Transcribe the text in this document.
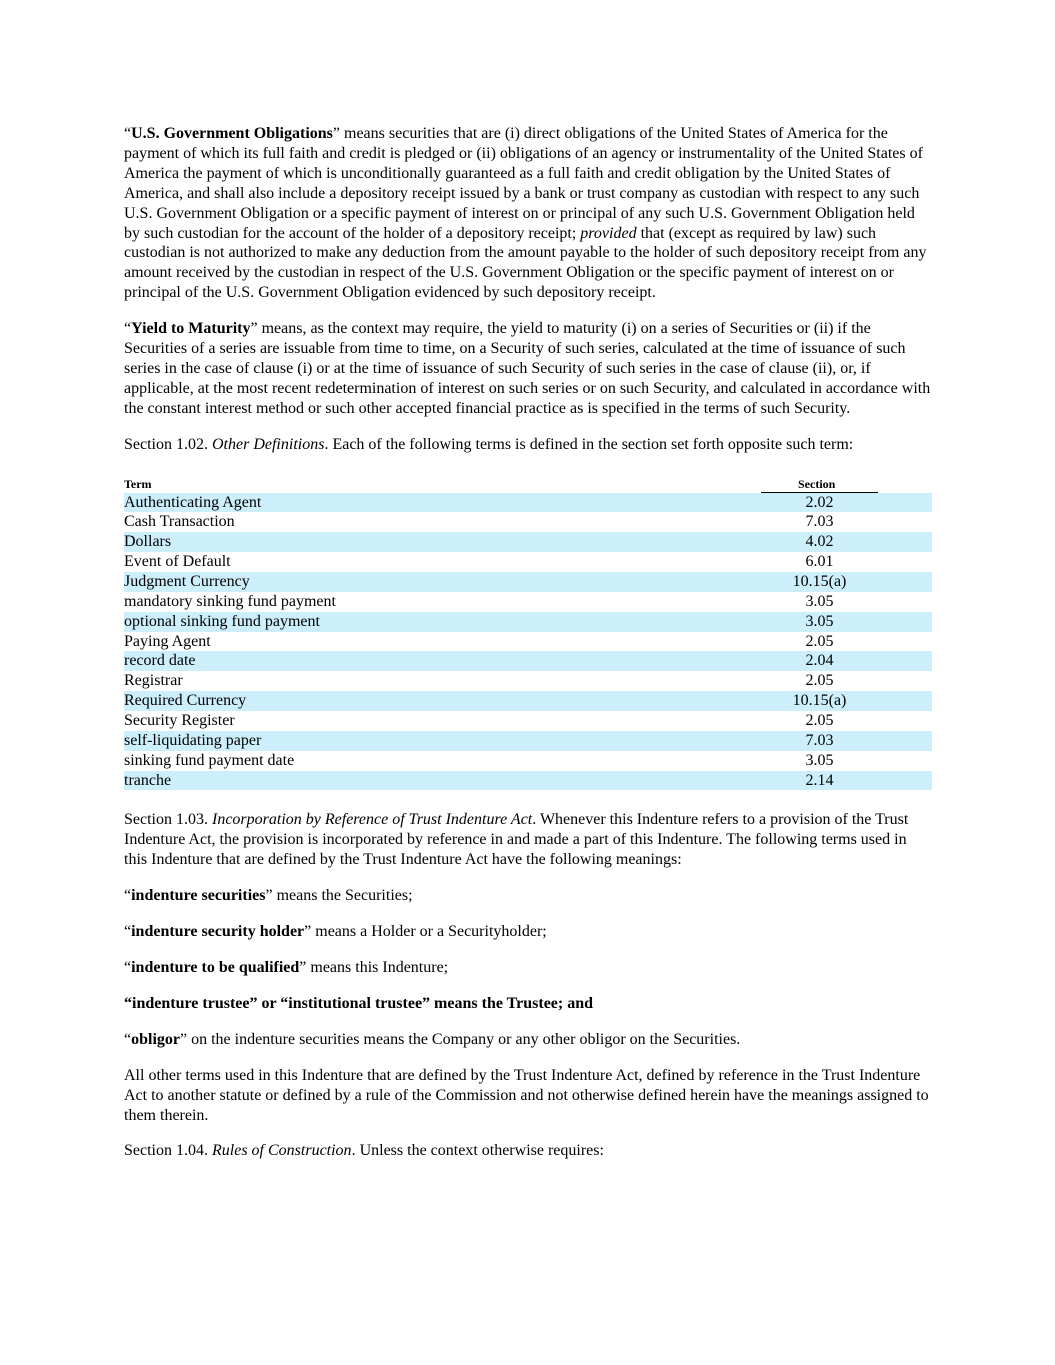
“U.S. Government Obligations” means securities that are (i) direct obligations of the United States of America for the payment of which its full faith and credit is pledged or (ii) obligations of an agency or instrumentality of the United States of America the payment of which is unconditionally guaranteed as a full faith and credit obligation by the United States of America, and shall also include a depository receipt issued by a bank or trust company as custodian with respect to any such U.S. Government Obligation or a specific payment of interest on or principal of any such U.S. Government Obligation held by such custodian for the account of the holder of a depository receipt; provided that (except as required by law) such custodian is not authorized to make any deduction from the amount payable to the holder of such depository receipt from any amount received by the custodian in respect of the U.S. Government Obligation or the specific payment of interest on or principal of the U.S. Government Obligation evidenced by such depository receipt.

“Yield to Maturity” means, as the context may require, the yield to maturity (i) on a series of Securities or (ii) if the Securities of a series are issuable from time to time, on a Security of such series, calculated at the time of issuance of such series in the case of clause (i) or at the time of issuance of such Security of such series in the case of clause (ii), or, if applicable, at the most recent redetermination of interest on such series or on such Security, and calculated in accordance with the constant interest method or such other accepted financial practice as is specified in the terms of such Security.

Section 1.02. Other Definitions. Each of the following terms is defined in the section set forth opposite such term:

Term	Section
Authenticating Agent	2.02
Cash Transaction	7.03
Dollars	4.02
Event of Default	6.01
Judgment Currency	10.15(a)
mandatory sinking fund payment	3.05
optional sinking fund payment	3.05
Paying Agent	2.05
record date	2.04
Registrar	2.05
Required Currency	10.15(a)
Security Register	2.05
self-liquidating paper	7.03
sinking fund payment date	3.05
tranche	2.14

Section 1.03. Incorporation by Reference of Trust Indenture Act. Whenever this Indenture refers to a provision of the Trust Indenture Act, the provision is incorporated by reference in and made a part of this Indenture. The following terms used in this Indenture that are defined by the Trust Indenture Act have the following meanings:

“indenture securities” means the Securities;

“indenture security holder” means a Holder or a Securityholder;

“indenture to be qualified” means this Indenture;

“indenture trustee” or “institutional trustee” means the Trustee; and

“obligor” on the indenture securities means the Company or any other obligor on the Securities.

All other terms used in this Indenture that are defined by the Trust Indenture Act, defined by reference in the Trust Indenture Act to another statute or defined by a rule of the Commission and not otherwise defined herein have the meanings assigned to them therein.

Section 1.04. Rules of Construction. Unless the context otherwise requires:
